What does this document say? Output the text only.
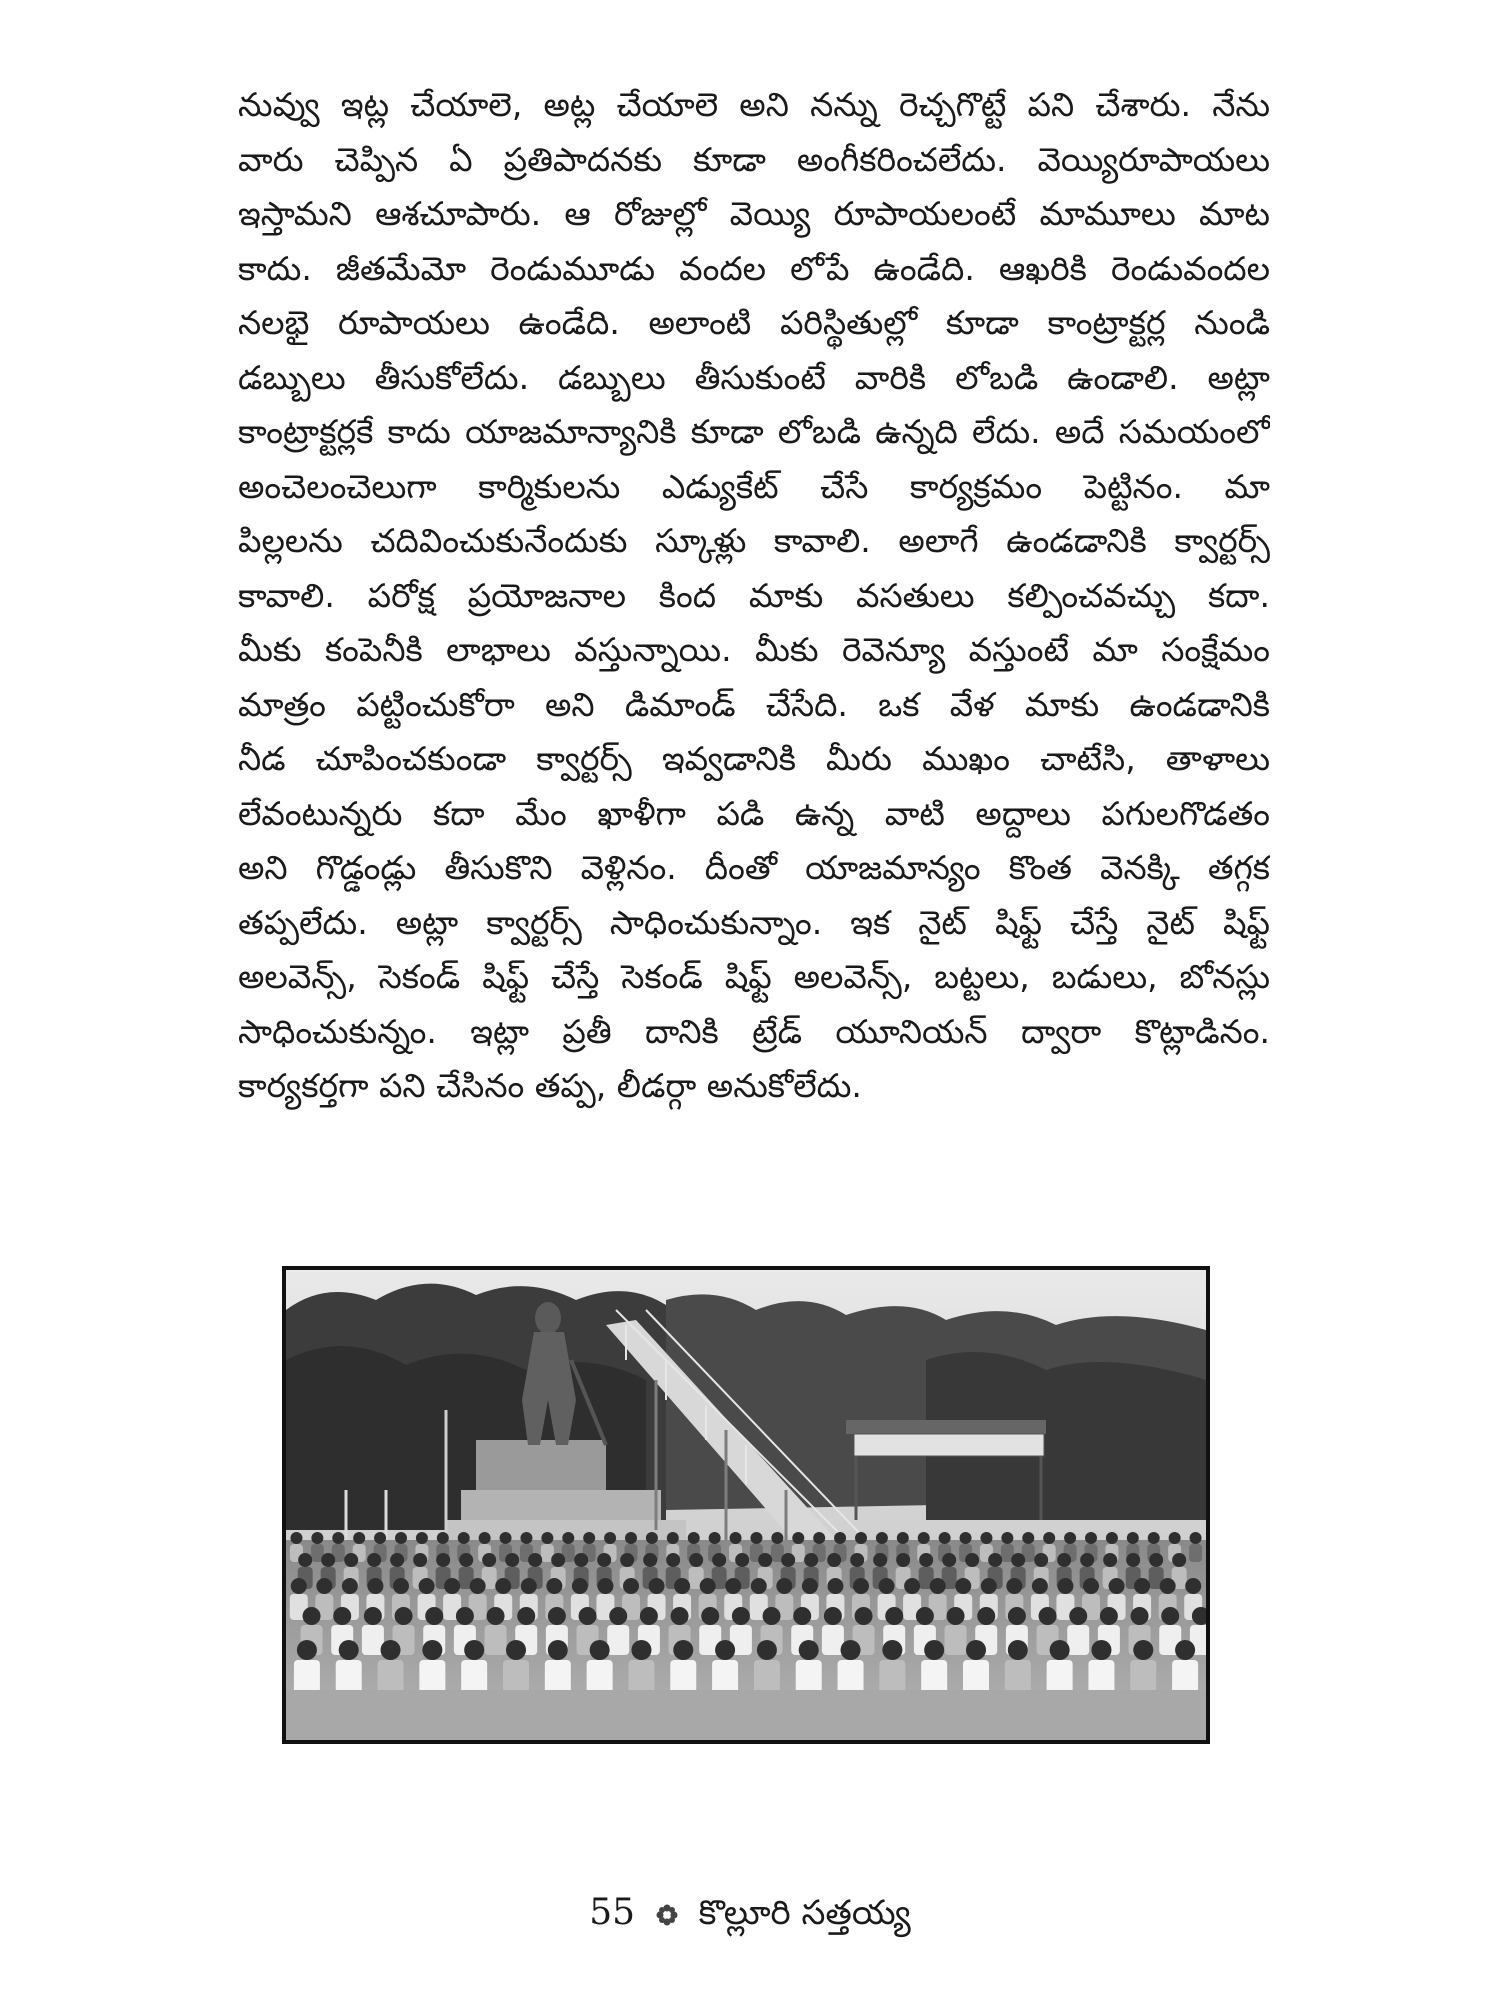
నువ్వు ఇట్ల చేయాలె, అట్ల చేయాలె అని నన్ను రెచ్చగొట్టే పని చేశారు. నేను
వారు చెప్పిన ఏ ప్రతిపాదనకు కూడా అంగీకరించలేదు. వెయ్యిరూపాయలు
ఇస్తామని ఆశచూపారు. ఆ రోజుల్లో వెయ్యి రూపాయలంటే మామూలు మాట
కాదు. జీతమేమో రెండుమూడు వందల లోపే ఉండేది. ఆఖరికి రెండువందల
నలభై రూపాయలు ఉండేది. అలాంటి పరిస్థితుల్లో కూడా కాంట్రాక్టర్ల నుండి
డబ్బులు తీసుకోలేదు. డబ్బులు తీసుకుంటే వారికి లోబడి ఉండాలి. అట్లా
కాంట్రాక్టర్లకే కాదు యాజమాన్యానికి కూడా లోబడి ఉన్నది లేదు. అదే సమయంలో
అంచెలంచెలుగా కార్మికులను ఎడ్యుకేట్ చేసే కార్యక్రమం పెట్టినం. మా
పిల్లలను చదివించుకునేందుకు స్కూళ్లు కావాలి. అలాగే ఉండడానికి క్వార్టర్స్
కావాలి. పరోక్ష ప్రయోజనాల కింద మాకు వసతులు కల్పించవచ్చు కదా.
మీకు కంపెనీకి లాభాలు వస్తున్నాయి. మీకు రెవెన్యూ వస్తుంటే మా సంక్షేమం
మాత్రం పట్టించుకోరా అని డిమాండ్ చేసేది. ఒక వేళ మాకు ఉండడానికి
నీడ చూపించకుండా క్వార్టర్స్ ఇవ్వడానికి మీరు ముఖం చాటేసి, తాళాలు
లేవంటున్నరు కదా మేం ఖాళీగా పడి ఉన్న వాటి అద్దాలు పగులగొడతం
అని గొడ్డండ్లు తీసుకొని వెళ్లినం. దీంతో యాజమాన్యం కొంత వెనక్కి తగ్గక
తప్పలేదు. అట్లా క్వార్టర్స్ సాధించుకున్నాం. ఇక నైట్ షిఫ్ట్ చేస్తే నైట్ షిఫ్ట్
అలవెన్స్, సెకండ్ షిఫ్ట్ చేస్తే సెకండ్ షిఫ్ట్ అలవెన్స్, బట్టలు, బడులు, బోనస్లు
సాధించుకున్నం. ఇట్లా ప్రతీ దానికి ట్రేడ్ యూనియన్ ద్వారా కొట్లాడినం.
కార్యకర్తగా పని చేసినం తప్ప, లీడర్గా అనుకోలేదు.
55 కొల్లూరి సత్తయ్య
